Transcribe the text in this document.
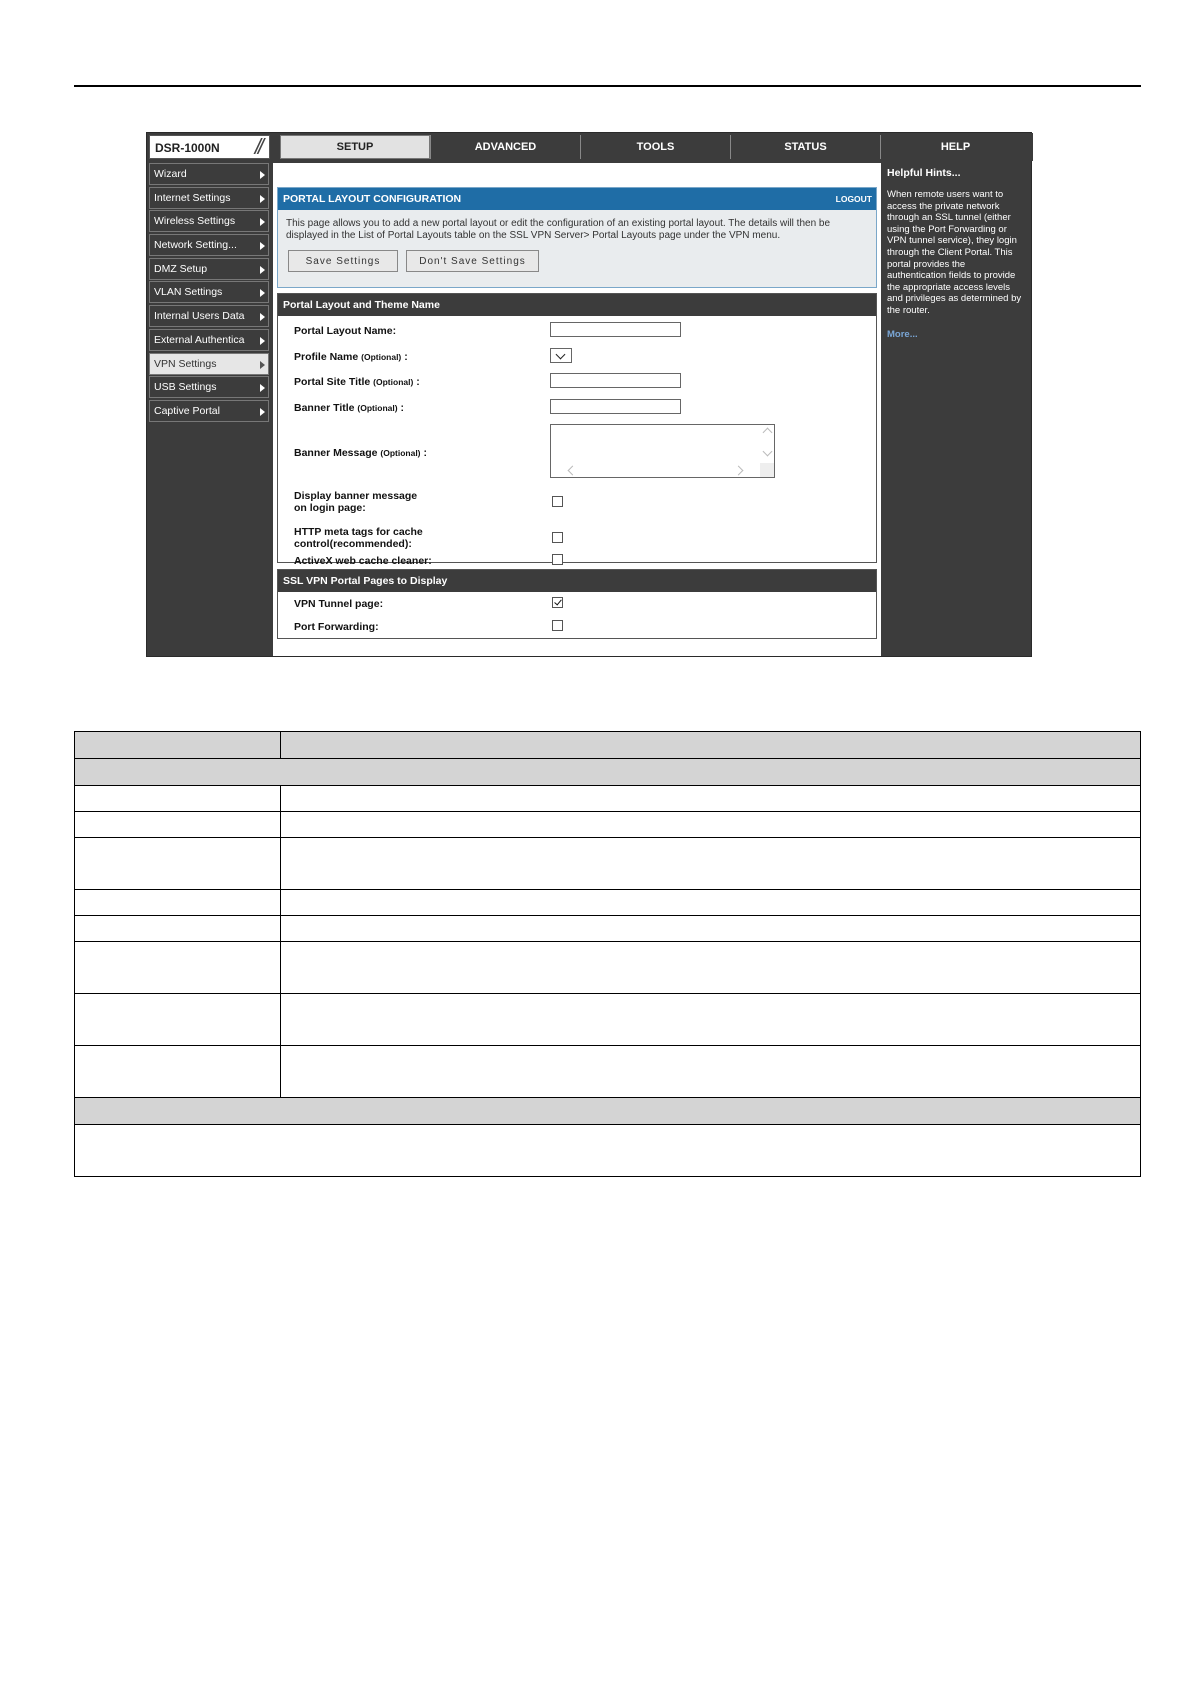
DSR-1000N //	SETUP	ADVANCED	TOOLS	STATUS	HELP
Wizard
Internet Settings
Wireless Settings
Network Setting...
DMZ Setup
VLAN Settings
Internal Users Data
External Authentica
VPN Settings
USB Settings
Captive Portal
PORTAL LAYOUT CONFIGURATION	LOGOUT
This page allows you to add a new portal layout or edit the configuration of an existing portal layout. The details will then be displayed in the List of Portal Layouts table on the SSL VPN Server> Portal Layouts page under the VPN menu.
Save Settings	Don't Save Settings
Portal Layout and Theme Name
Portal Layout Name:
Profile Name (Optional) :
Portal Site Title (Optional) :
Banner Title (Optional) :
Banner Message (Optional) :
Display banner message
on login page:
HTTP meta tags for cache
control(recommended):
ActiveX web cache cleaner:
SSL VPN Portal Pages to Display
VPN Tunnel page:
Port Forwarding:
Helpful Hints...
When remote users want to access the private network through an SSL tunnel (either using the Port Forwarding or VPN tunnel service), they login through the Client Portal. This portal provides the authentication fields to provide the appropriate access levels and privileges as determined by the router.
More...
